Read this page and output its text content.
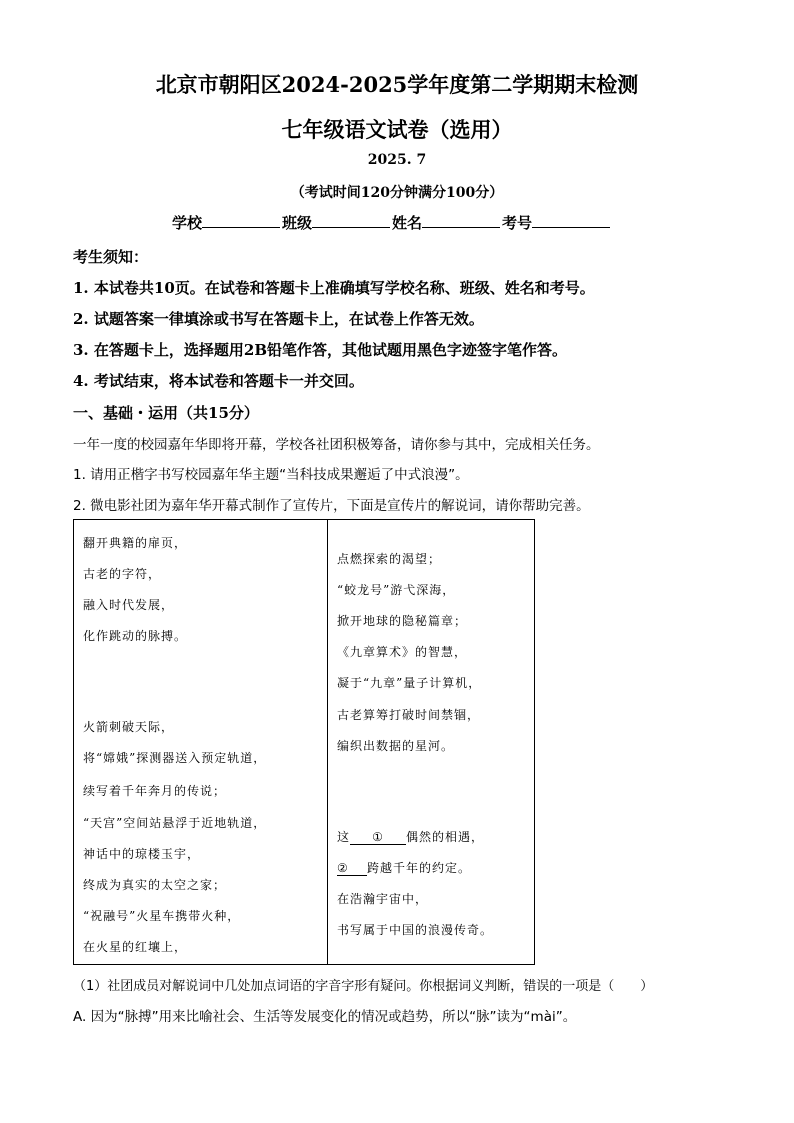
北京市朝阳区2024-2025学年度第二学期期末检测
七年级语文试卷（选用）
2025. 7
（考试时间120分钟满分100分）
学校	班级	姓名	考号
考生须知：
1. 本试卷共10页。在试卷和答题卡上准确填写学校名称、班级、姓名和考号。
2. 试题答案一律填涂或书写在答题卡上，在试卷上作答无效。
3. 在答题卡上，选择题用2B铅笔作答，其他试题用黑色字迹签字笔作答。
4. 考试结束，将本试卷和答题卡一并交回。
一、基础・运用（共15分）
一年一度的校园嘉年华即将开幕，学校各社团积极筹备，请你参与其中，完成相关任务。
1. 请用正楷字书写校园嘉年华主题“当科技成果邂逅了中式浪漫”。
2. 微电影社团为嘉年华开幕式制作了宣传片，下面是宣传片的解说词，请你帮助完善。
翻开典籍的扉页，
古老的字符，
融入时代发展，
化作跳动的脉搏。
火箭刺破天际，
将“嫦娥”探测器送入预定轨道，
续写着千年奔月的传说；
“天宫”空间站悬浮于近地轨道，
神话中的琼楼玉宇，
终成为真实的太空之家；
“祝融号”火星车携带火种，
在火星的红壤上，

点燃探索的渴望；
“蛟龙号”游弋深海，
掀开地球的隐秘篇章；
《九章算术》的智慧，
凝于“九章”量子计算机，
古老算筹打破时间禁锢，
编织出数据的星河。
这 ① 偶然的相遇，
② 跨越千年的约定。
在浩瀚宇宙中，
书写属于中国的浪漫传奇。
（1）社团成员对解说词中几处加点词语的字音字形有疑问。你根据词义判断，错误的一项是（　　）
A. 因为“脉搏”用来比喻社会、生活等发展变化的情况或趋势，所以“脉”读为“mài”。
